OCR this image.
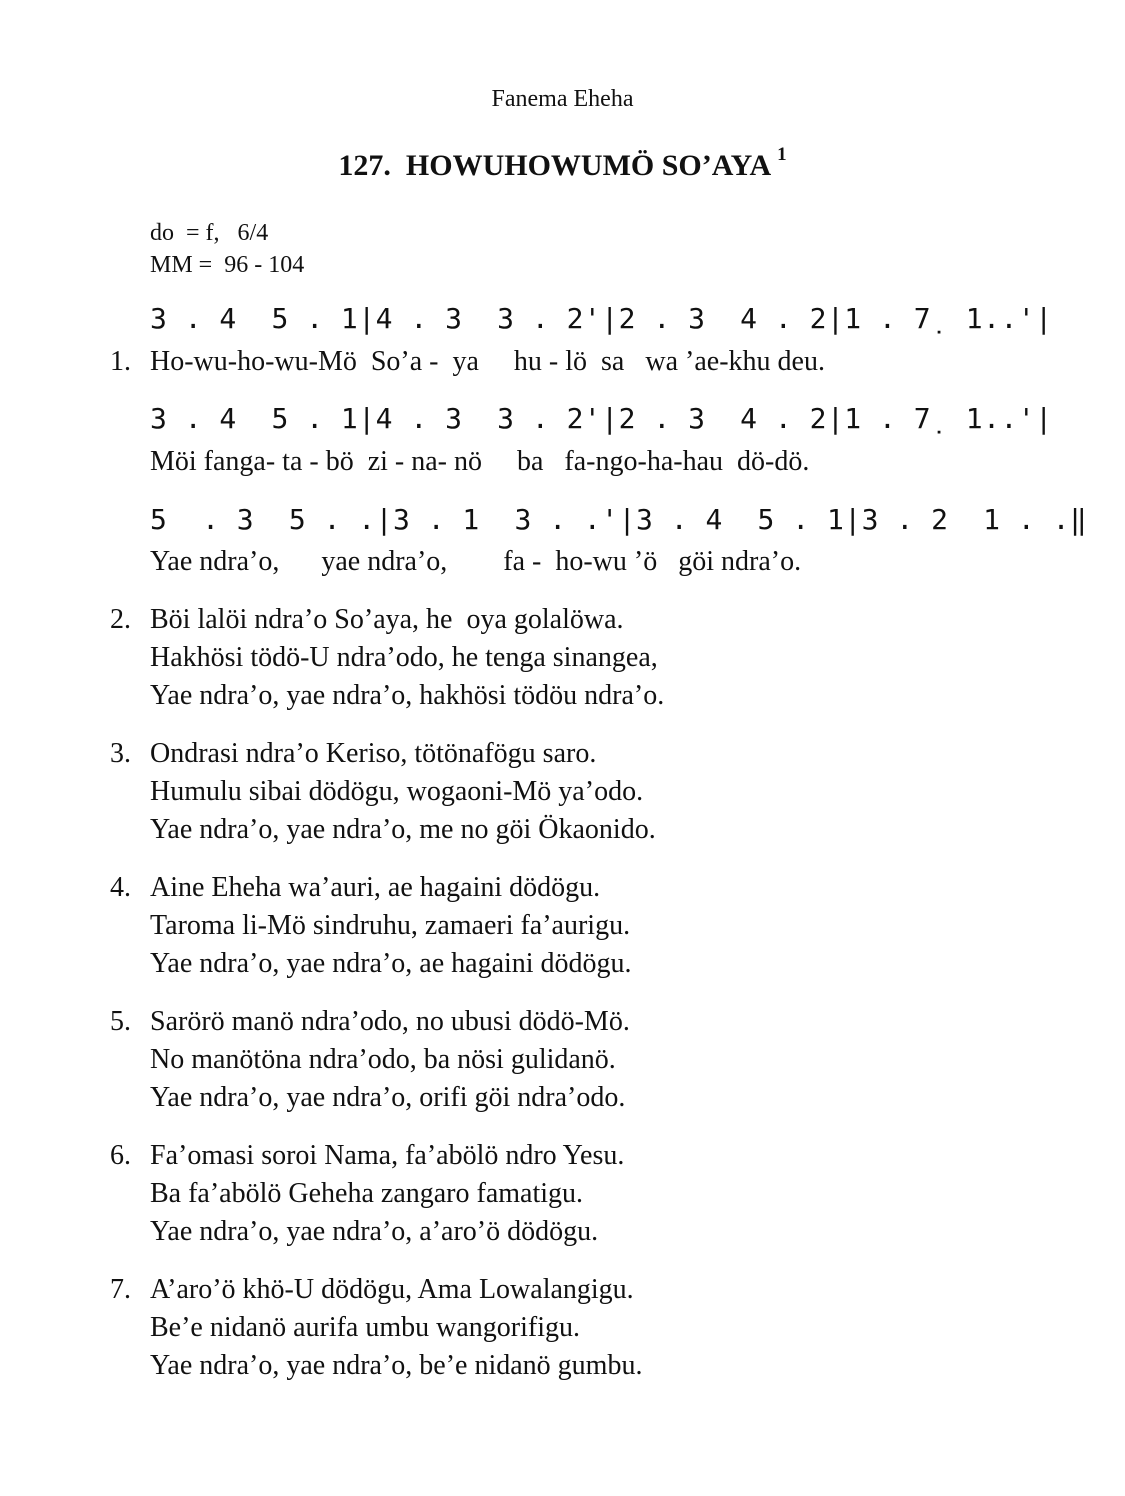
Fanema Eheha
127. HOWUHOWUMÖ SO’AYA $^1$
do  = f,   6/4
MM =  96 - 104
3 . 4  5 . 1|4 . 3  3 . 2'|2 . 3  4 . 2|1 . 7̣  1..'|
1. Ho-wu-ho-wu-Mö  So’a -  ya     hu - lö  sa   wa ’ae-khu deu.
3 . 4  5 . 1|4 . 3  3 . 2'|2 . 3  4 . 2|1 . 7̣  1..'|
Möi fanga- ta - bö  zi - na- nö     ba   fa-ngo-ha-hau  dö-dö.
5  . 3  5 . .|3 . 1  3 . .'|3 . 4  5 . 1|3 . 2  1 . .‖
Yae ndra’o,      yae ndra’o,        fa -  ho-wu ’ö   göi ndra’o.
2. Böi lalöi ndra’o So’aya, he  oya golalöwa.
Hakhösi tödö-U ndra’odo, he tenga sinangea,
Yae ndra’o, yae ndra’o, hakhösi tödöu ndra’o.
3. Ondrasi ndra’o Keriso, tötönafögu saro.
Humulu sibai dödögu, wogaoni-Mö ya’odo.
Yae ndra’o, yae ndra’o, me no göi Ökaonido.
4. Aine Eheha wa’auri, ae hagaini dödögu.
Taroma li-Mö sindruhu, zamaeri fa’aurigu.
Yae ndra’o, yae ndra’o, ae hagaini dödögu.
5. Sarörö manö ndra’odo, no ubusi dödö-Mö.
No manötöna ndra’odo, ba nösi gulidanö.
Yae ndra’o, yae ndra’o, orifi göi ndra’odo.
6. Fa’omasi soroi Nama, fa’abölö ndro Yesu.
Ba fa’abölö Geheha zangaro famatigu.
Yae ndra’o, yae ndra’o, a’aro’ö dödögu.
7. A’aro’ö khö-U dödögu, Ama Lowalangigu.
Be’e nidanö aurifa umbu wangorifigu.
Yae ndra’o, yae ndra’o, be’e nidanö gumbu.
